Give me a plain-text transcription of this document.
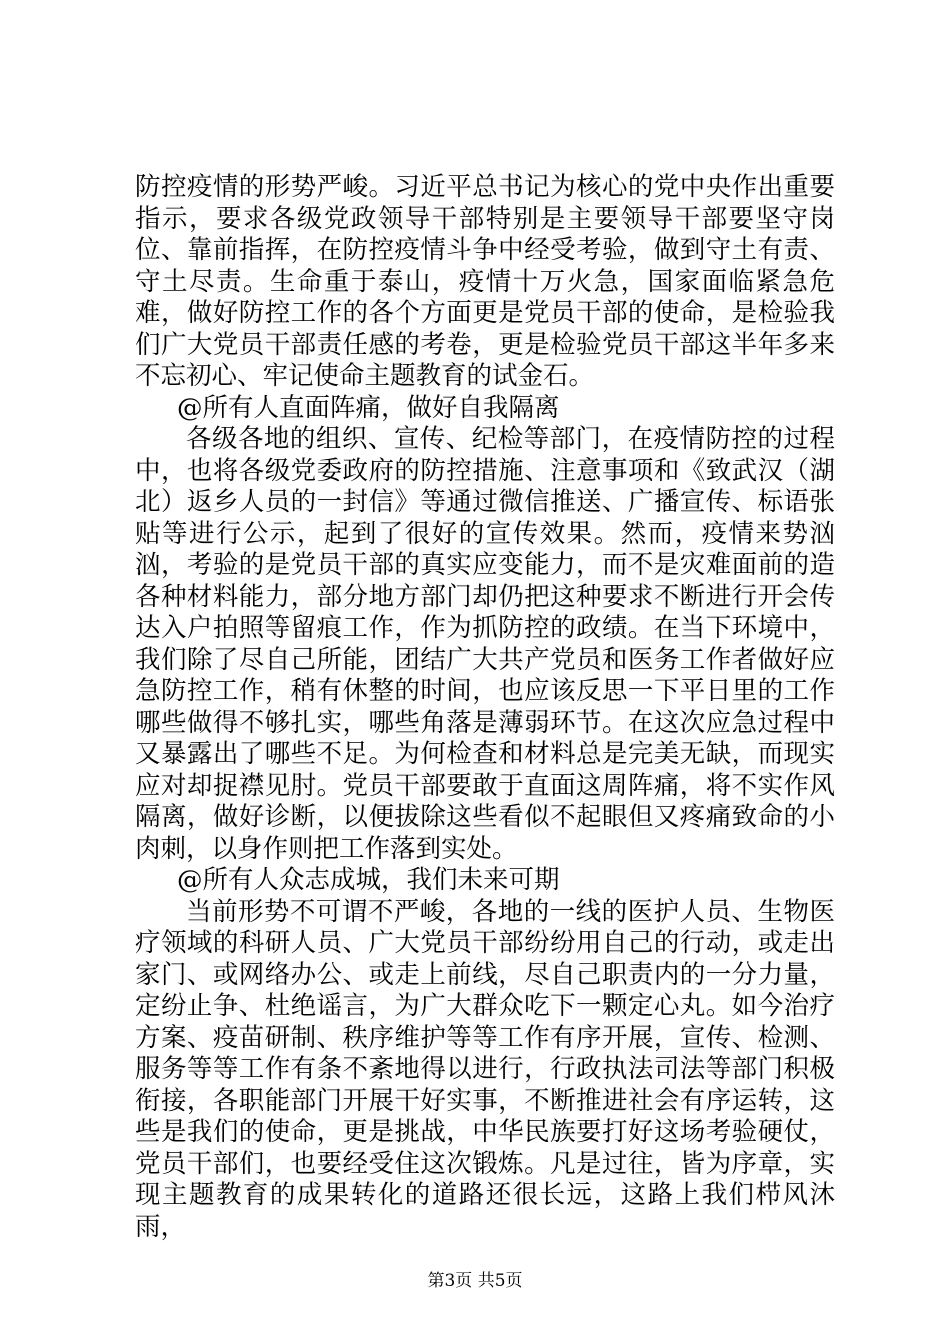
防控疫情的形势严峻。习近平总书记为核心的党中央作出重要指示，要求各级党政领导干部特别是主要领导干部要坚守岗位、靠前指挥，在防控疫情斗争中经受考验，做到守土有责、守土尽责。生命重于泰山，疫情十万火急，国家面临紧急危难，做好防控工作的各个方面更是党员干部的使命，是检验我们广大党员干部责任感的考卷，更是检验党员干部这半年多来不忘初心、牢记使命主题教育的试金石。

@所有人直面阵痛，做好自我隔离

各级各地的组织、宣传、纪检等部门，在疫情防控的过程中，也将各级党委政府的防控措施、注意事项和《致武汉（湖北）返乡人员的一封信》等通过微信推送、广播宣传、标语张贴等进行公示，起到了很好的宣传效果。然而，疫情来势汹汹，考验的是党员干部的真实应变能力，而不是灾难面前的造各种材料能力，部分地方部门却仍把这种要求不断进行开会传达入户拍照等留痕工作，作为抓防控的政绩。在当下环境中，我们除了尽自己所能，团结广大共产党员和医务工作者做好应急防控工作，稍有休整的时间，也应该反思一下平日里的工作哪些做得不够扎实，哪些角落是薄弱环节。在这次应急过程中又暴露出了哪些不足。为何检查和材料总是完美无缺，而现实应对却捉襟见肘。党员干部要敢于直面这周阵痛，将不实作风隔离，做好诊断，以便拔除这些看似不起眼但又疼痛致命的小肉刺，以身作则把工作落到实处。

@所有人众志成城，我们未来可期

当前形势不可谓不严峻，各地的一线的医护人员、生物医疗领域的科研人员、广大党员干部纷纷用自己的行动，或走出家门、或网络办公、或走上前线，尽自己职责内的一分力量，定纷止争、杜绝谣言，为广大群众吃下一颗定心丸。如今治疗方案、疫苗研制、秩序维护等等工作有序开展，宣传、检测、服务等等工作有条不紊地得以进行，行政执法司法等部门积极衔接，各职能部门开展干好实事，不断推进社会有序运转，这些是我们的使命，更是挑战，中华民族要打好这场考验硬仗，党员干部们，也要经受住这次锻炼。凡是过往，皆为序章，实现主题教育的成果转化的道路还很长远，这路上我们栉风沐雨，

第3页 共5页
